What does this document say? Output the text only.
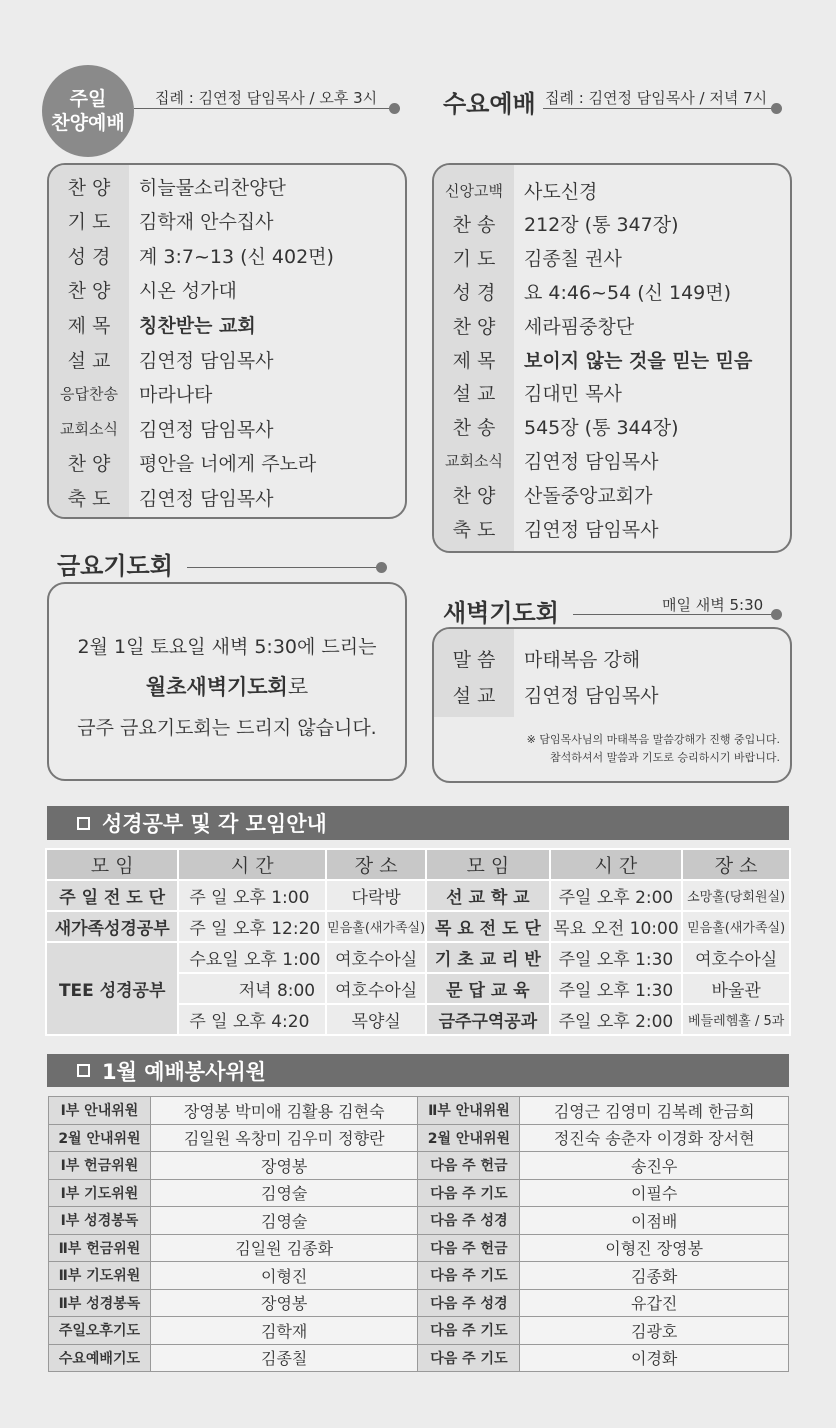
주일
찬양예배
집례 : 김연정 담임목사 / 오후 3시
찬 양	히늘물소리찬양단
기 도	김학재 안수집사
성 경	계 3:7~13 (신 402면)
찬 양	시온 성가대
제 목	칭찬받는 교회
설 교	김연정 담임목사
응답찬송	마라나타
교회소식	김연정 담임목사
찬 양	평안을 너에게 주노라
축 도	김연정 담임목사
수요예배 집례 : 김연정 담임목사 / 저녁 7시
신앙고백	사도신경
찬 송	212장 (통 347장)
기 도	김종칠 권사
성 경	요 4:46~54 (신 149면)
찬 양	세라핌중창단
제 목	보이지 않는 것을 믿는 믿음
설 교	김대민 목사
찬 송	545장 (통 344장)
교회소식	김연정 담임목사
찬 양	산돌중앙교회가
축 도	김연정 담임목사
금요기도회
2월 1일 토요일 새벽 5:30에 드리는
월초새벽기도회로
금주 금요기도회는 드리지 않습니다.
새벽기도회	매일 새벽 5:30
말 씀	마태복음 강해
설 교	김연정 담임목사
※ 담임목사님의 마태복음 말씀강해가 진행 중입니다.
참석하셔서 말씀과 기도로 승리하시기 바랍니다.
성경공부 및 각 모임안내
모 임	시 간	장 소	모 임	시 간	장 소
주 일 전 도 단	주 일 오후 1:00	다락방	선 교 학 교	주일 오후 2:00	소망홀(당회원실)
새가족성경공부	주 일 오후 12:20	믿음홀(새가족실)	목 요 전 도 단	목요 오전 10:00	믿음홀(새가족실)
TEE 성경공부	수요일 오후 1:00	여호수아실	기 초 교 리 반	주일 오후 1:30	여호수아실
	저녁 8:00	여호수아실	문 답 교 육	주일 오후 1:30	바울관
	주 일 오후 4:20	목양실	금주구역공과	주일 오후 2:00	베들레헴홀 / 5과
1월 예배봉사위원
Ⅰ부 안내위원	장영봉 박미애 김활용 김현숙	Ⅱ부 안내위원	김영근 김영미 김복례 한금희
2월 안내위원	김일원 옥창미 김우미 정향란	2월 안내위원	정진숙 송춘자 이경화 장서현
Ⅰ부 헌금위원	장영봉	다음 주 헌금	송진우
Ⅰ부 기도위원	김영술	다음 주 기도	이필수
Ⅰ부 성경봉독	김영술	다음 주 성경	이점배
Ⅱ부 헌금위원	김일원 김종화	다음 주 헌금	이형진 장영봉
Ⅱ부 기도위원	이형진	다음 주 기도	김종화
Ⅱ부 성경봉독	장영봉	다음 주 성경	유갑진
주일오후기도	김학재	다음 주 기도	김광호
수요예배기도	김종칠	다음 주 기도	이경화
